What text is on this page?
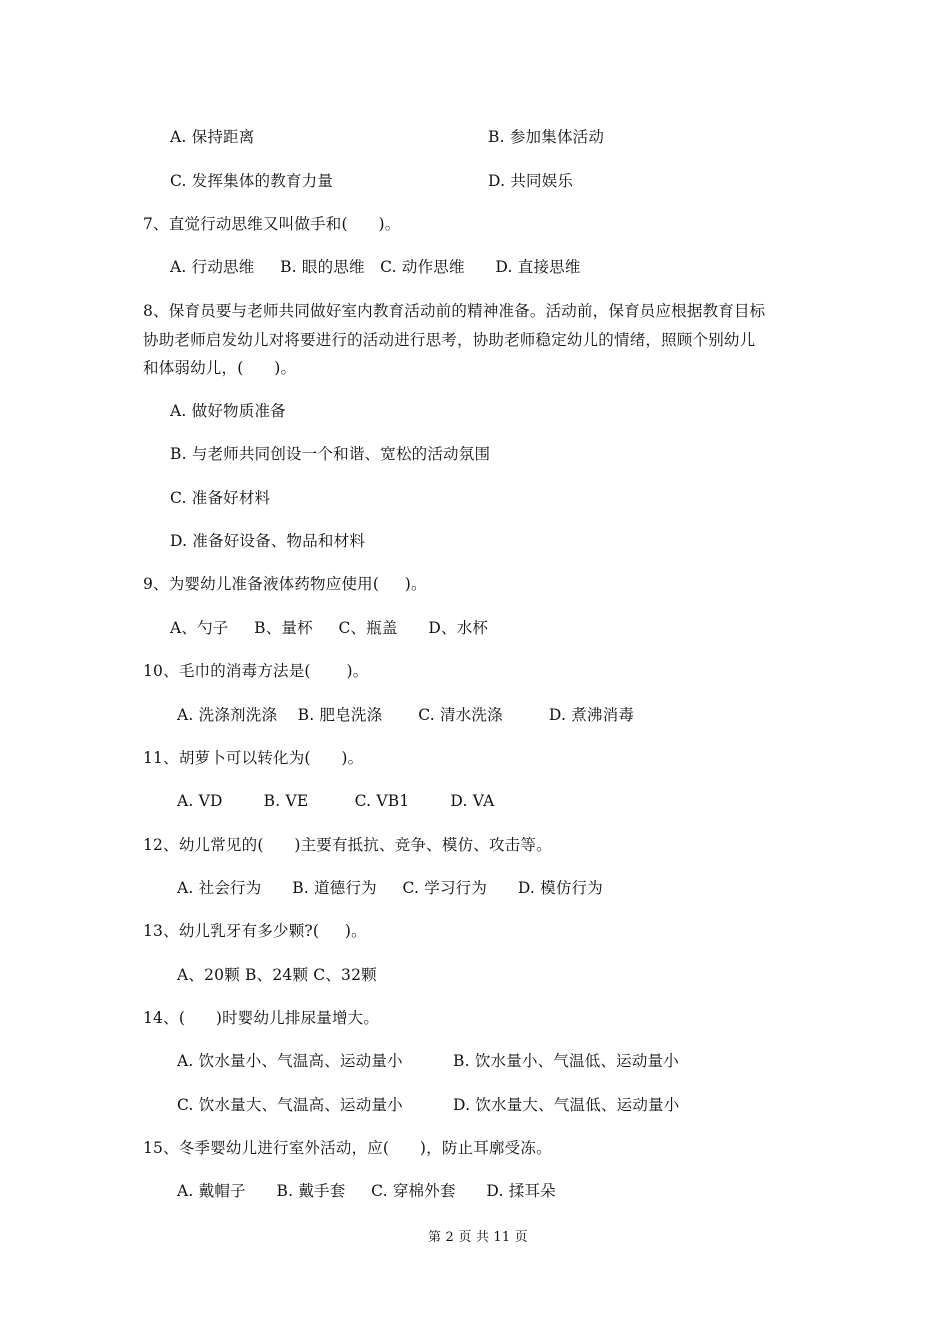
A. 保持距离	B. 参加集体活动
C. 发挥集体的教育力量	D. 共同娱乐
7、直觉行动思维又叫做手和(      )。
A. 行动思维     B. 眼的思维   C. 动作思维      D. 直接思维
8、保育员要与老师共同做好室内教育活动前的精神准备。活动前，保育员应根据教育目标
协助老师启发幼儿对将要进行的活动进行思考，协助老师稳定幼儿的情绪，照顾个别幼儿
和体弱幼儿，(      )。
A. 做好物质准备
B. 与老师共同创设一个和谐、宽松的活动氛围
C. 准备好材料
D. 准备好设备、物品和材料
9、为婴幼儿准备液体药物应使用(     )。
A、勺子     B、量杯     C、瓶盖      D、水杯
10、毛巾的消毒方法是(       )。
A. 洗涤剂洗涤    B. 肥皂洗涤       C. 清水洗涤         D. 煮沸消毒
11、胡萝卜可以转化为(      )。
A. VD        B. VE         C. VB1        D. VA
12、幼儿常见的(      )主要有抵抗、竞争、模仿、攻击等。
A. 社会行为      B. 道德行为     C. 学习行为      D. 模仿行为
13、幼儿乳牙有多少颗?(     )。
A、20颗 B、24颗 C、32颗
14、(      )时婴幼儿排尿量增大。
A. 饮水量小、气温高、运动量小	B. 饮水量小、气温低、运动量小
C. 饮水量大、气温高、运动量小	D. 饮水量大、气温低、运动量小
15、冬季婴幼儿进行室外活动，应(      )，防止耳廓受冻。
A. 戴帽子      B. 戴手套     C. 穿棉外套      D. 揉耳朵
第 2 页 共 11 页
